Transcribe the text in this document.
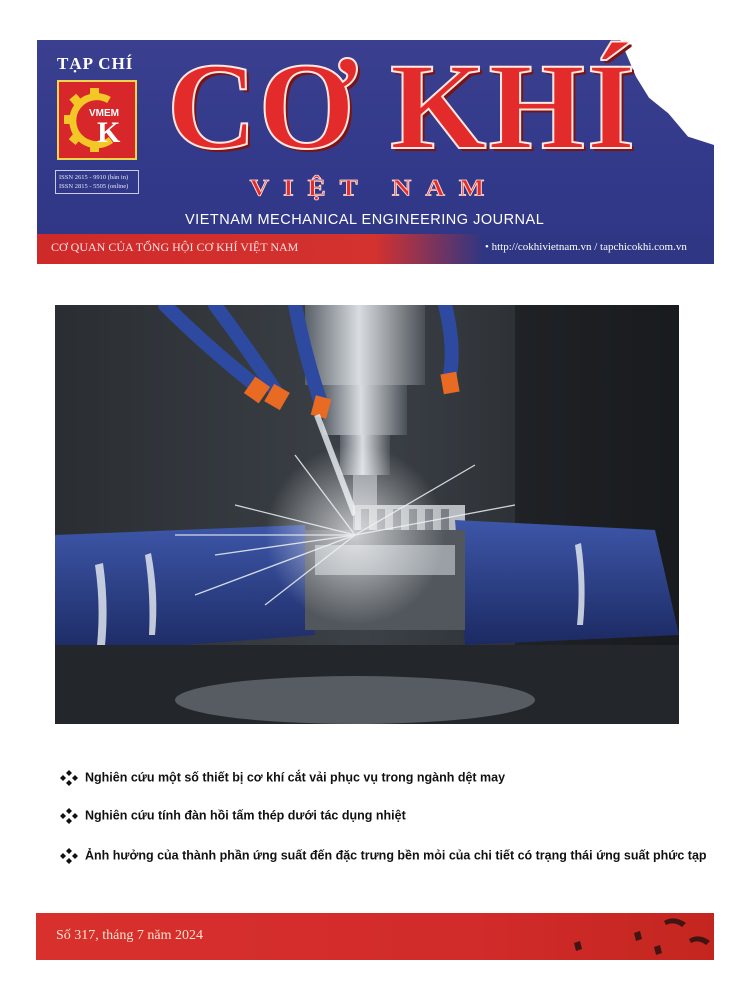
TẠP CHÍ
VMEM
K
ISSN 2615 - 9910 (bản in)
ISSN 2815 - 5505 (online)
CƠ KHÍ
VIỆT NAM
VIETNAM MECHANICAL ENGINEERING JOURNAL
CƠ QUAN CỦA TỔNG HỘI CƠ KHÍ VIỆT NAM	• http://cokhivietnam.vn / tapchicokhi.com.vn
Nghiên cứu một số thiết bị cơ khí cắt vải phục vụ trong ngành dệt may
Nghiên cứu tính đàn hồi tấm thép dưới tác dụng nhiệt
Ảnh hưởng của thành phần ứng suất đến đặc trưng bền mỏi của chi tiết có trạng thái ứng suất phức tạp
Số 317, tháng 7 năm 2024
